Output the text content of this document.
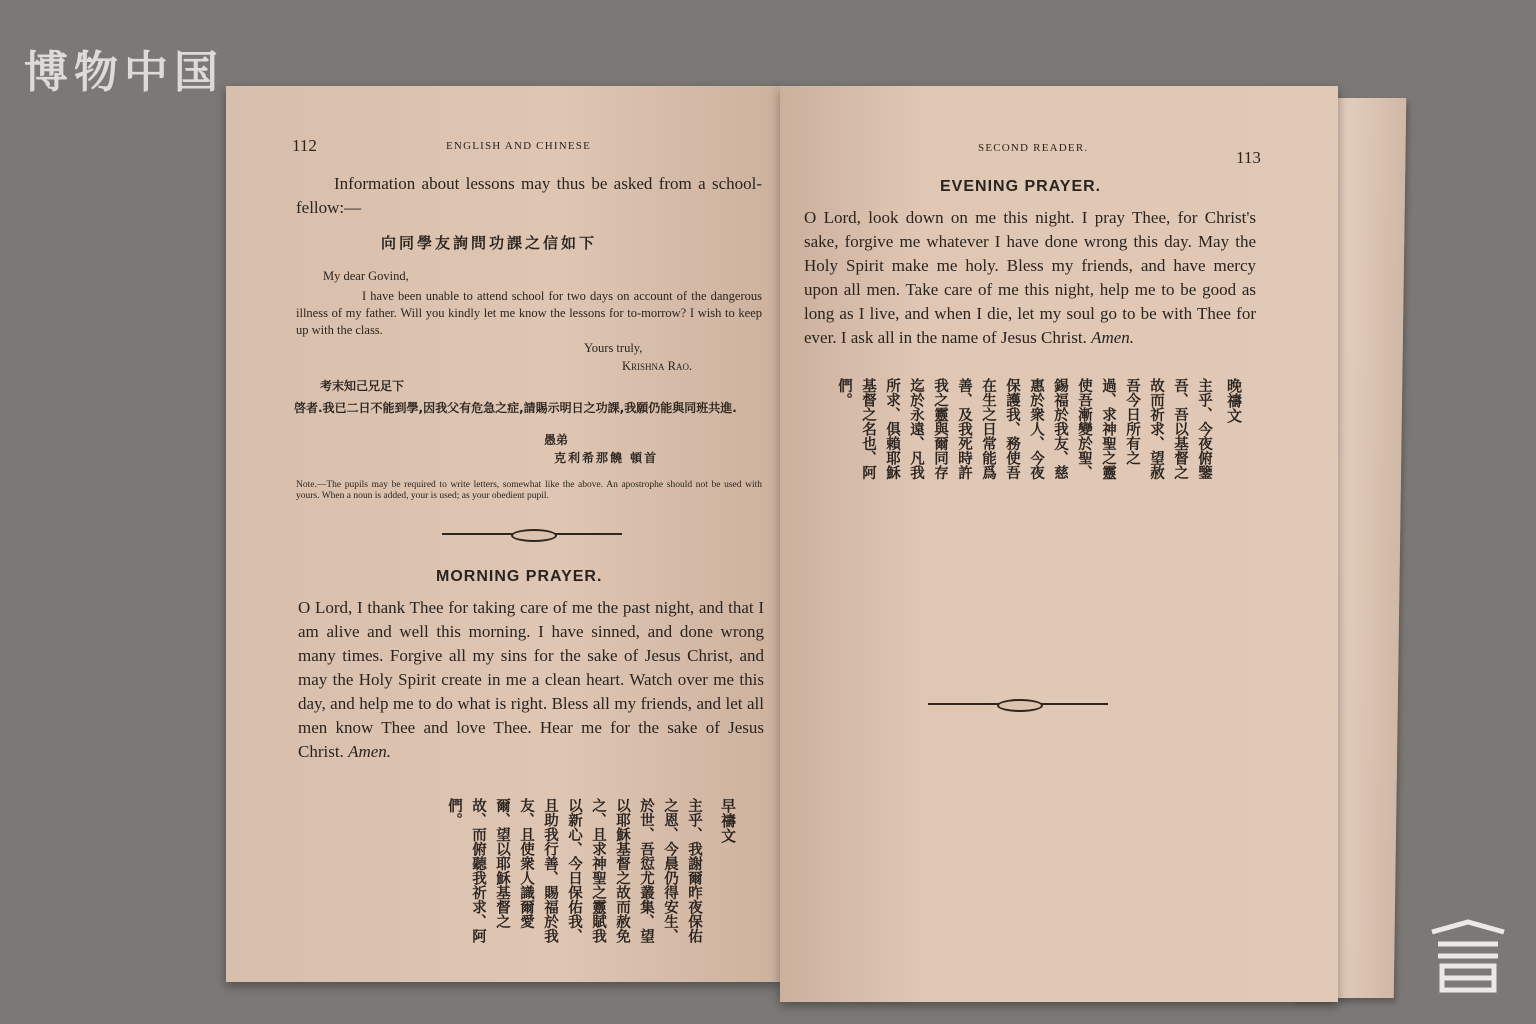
博物中国
112	ENGLISH AND CHINESE
Information about lessons may thus be asked from a school-fellow:—
向同學友詢問功課之信如下
My dear Govind,
I have been unable to attend school for two days on account of the dangerous illness of my father. Will you kindly let me know the lessons for to-morrow? I wish to keep up with the class.
Yours truly,
Krishna Rao.
考末知己兄足下
啓者.我已二日不能到學,因我父有危急之症,請賜示明日之功課,我願仍能與同班共進.
愚弟
克利希那饒 頓首
Note.—The pupils may be required to write letters, somewhat like the above. An apostrophe should not be used with yours. When a noun is added, your is used; as your obedient pupil.
MORNING PRAYER.
O Lord, I thank Thee for taking care of me the past night, and that I am alive and well this morning. I have sinned, and done wrong many times. Forgive all my sins for the sake of Jesus Christ, and may the Holy Spirit create in me a clean heart. Watch over me this day, and help me to do what is right. Bless all my friends, and let all men know Thee and love Thee. Hear me for the sake of Jesus Christ. Amen.
早禱文
主乎、我謝爾昨夜保佑之恩、今晨仍得安生、於世、吾愆尤叢集、望以耶穌基督之故而赦免之、且求神聖之靈賦我以新心、今日保佑我、且助我行善、賜福於我友、且使衆人識爾愛爾、望以耶穌基督之故、而俯聽我祈求、阿們。
SECOND READER.	113
EVENING PRAYER.
O Lord, look down on me this night. I pray Thee, for Christ's sake, forgive me whatever I have done wrong this day. May the Holy Spirit make me holy. Bless my friends, and have mercy upon all men. Take care of me this night, help me to be good as long as I live, and when I die, let my soul go to be with Thee for ever. I ask all in the name of Jesus Christ. Amen.
晚禱文
主乎、今夜俯鑒吾、吾以基督之故而祈求、望赦吾今日所有之過、求神聖之靈使吾漸變於聖、錫福於我友、慈惠於衆人、今夜保護我、務使吾在生之日常能爲善、及我死時許我之靈與爾同存迄於永遠、凡我所求、俱賴耶穌基督之名也、阿們。
